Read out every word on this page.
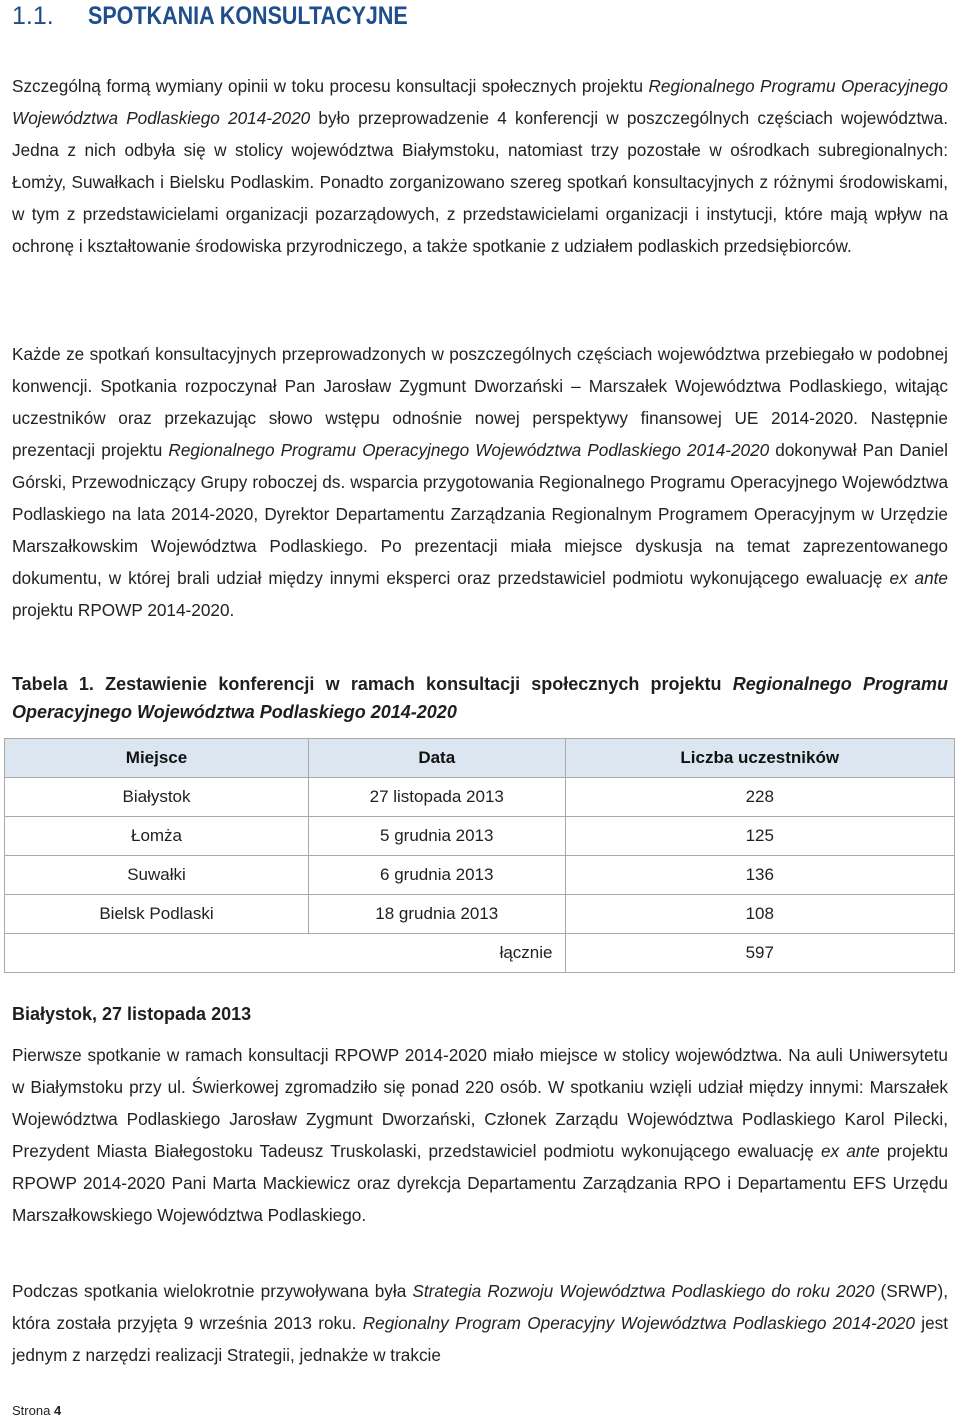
1.1. SPOTKANIA KONSULTACYJNE

Szczególną formą wymiany opinii w toku procesu konsultacji społecznych projektu Regionalnego Programu Operacyjnego Województwa Podlaskiego 2014-2020 było przeprowadzenie 4 konferencji w poszczególnych częściach województwa. Jedna z nich odbyła się w stolicy województwa Białymstoku, natomiast trzy pozostałe w ośrodkach subregionalnych: Łomży, Suwałkach i Bielsku Podlaskim. Ponadto zorganizowano szereg spotkań konsultacyjnych z różnymi środowiskami, w tym z przedstawicielami organizacji pozarządowych, z przedstawicielami organizacji i instytucji, które mają wpływ na ochronę i kształtowanie środowiska przyrodniczego, a także spotkanie z udziałem podlaskich przedsiębiorców.

Każde ze spotkań konsultacyjnych przeprowadzonych w poszczególnych częściach województwa przebiegało w podobnej konwencji. Spotkania rozpoczynał Pan Jarosław Zygmunt Dworzański – Marszałek Województwa Podlaskiego, witając uczestników oraz przekazując słowo wstępu odnośnie nowej perspektywy finansowej UE 2014-2020. Następnie prezentacji projektu Regionalnego Programu Operacyjnego Województwa Podlaskiego 2014-2020 dokonywał Pan Daniel Górski, Przewodniczący Grupy roboczej ds. wsparcia przygotowania Regionalnego Programu Operacyjnego Województwa Podlaskiego na lata 2014-2020, Dyrektor Departamentu Zarządzania Regionalnym Programem Operacyjnym w Urzędzie Marszałkowskim Województwa Podlaskiego. Po prezentacji miała miejsce dyskusja na temat zaprezentowanego dokumentu, w której brali udział między innymi eksperci oraz przedstawiciel podmiotu wykonującego ewaluację ex ante projektu RPOWP 2014-2020.

Tabela 1. Zestawienie konferencji w ramach konsultacji społecznych projektu Regionalnego Programu Operacyjnego Województwa Podlaskiego 2014-2020

Miejsce	Data	Liczba uczestników
Białystok	27 listopada 2013	228
Łomża	5 grudnia 2013	125
Suwałki	6 grudnia 2013	136
Bielsk Podlaski	18 grudnia 2013	108
	łącznie	597

Białystok, 27 listopada 2013

Pierwsze spotkanie w ramach konsultacji RPOWP 2014-2020 miało miejsce w stolicy województwa. Na auli Uniwersytetu w Białymstoku przy ul. Świerkowej zgromadziło się ponad 220 osób. W spotkaniu wzięli udział między innymi: Marszałek Województwa Podlaskiego Jarosław Zygmunt Dworzański, Członek Zarządu Województwa Podlaskiego Karol Pilecki, Prezydent Miasta Białegostoku Tadeusz Truskolaski, przedstawiciel podmiotu wykonującego ewaluację ex ante projektu RPOWP 2014-2020 Pani Marta Mackiewicz oraz dyrekcja Departamentu Zarządzania RPO i Departamentu EFS Urzędu Marszałkowskiego Województwa Podlaskiego.

Podczas spotkania wielokrotnie przywoływana była Strategia Rozwoju Województwa Podlaskiego do roku 2020 (SRWP), która została przyjęta 9 września 2013 roku. Regionalny Program Operacyjny Województwa Podlaskiego 2014-2020 jest jednym z narzędzi realizacji Strategii, jednakże w trakcie

Strona 4
